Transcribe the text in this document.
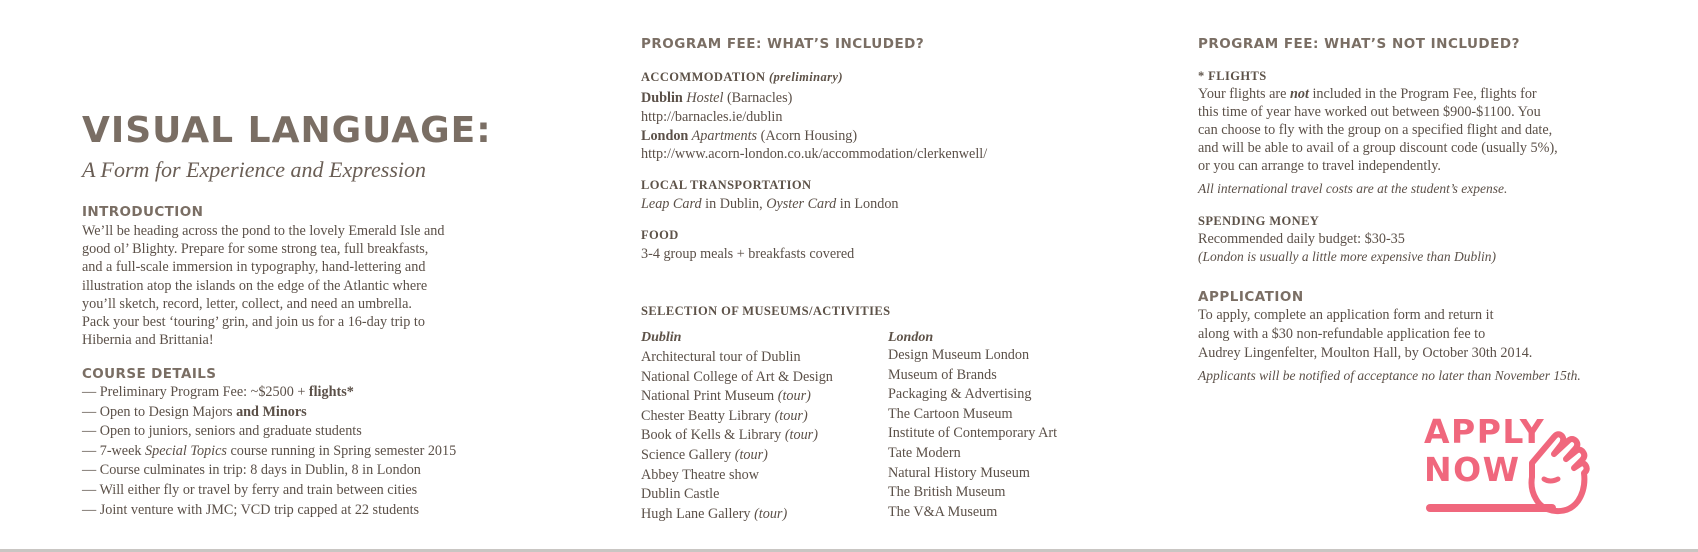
VISUAL LANGUAGE:
A Form for Experience and Expression
INTRODUCTION
We’ll be heading across the pond to the lovely Emerald Isle and
good ol’ Blighty. Prepare for some strong tea, full breakfasts,
and a full-scale immersion in typography, hand-lettering and
illustration atop the islands on the edge of the Atlantic where
you’ll sketch, record, letter, collect, and need an umbrella.
Pack your best ‘touring’ grin, and join us for a 16-day trip to
Hibernia and Brittania!
COURSE DETAILS
— Preliminary Program Fee: ~$2500 + flights*
— Open to Design Majors and Minors
— Open to juniors, seniors and graduate students
— 7-week Special Topics course running in Spring semester 2015
— Course culminates in trip: 8 days in Dublin, 8 in London
— Will either fly or travel by ferry and train between cities
— Joint venture with JMC; VCD trip capped at 22 students
PROGRAM FEE: WHAT’S INCLUDED?
ACCOMMODATION (preliminary)
Dublin Hostel (Barnacles)
http://barnacles.ie/dublin
London Apartments (Acorn Housing)
http://www.acorn-london.co.uk/accommodation/clerkenwell/
LOCAL TRANSPORTATION
Leap Card in Dublin, Oyster Card in London
FOOD
3-4 group meals + breakfasts covered
SELECTION OF MUSEUMS/ACTIVITIES
Dublin
Architectural tour of Dublin
National College of Art & Design
National Print Museum (tour)
Chester Beatty Library (tour)
Book of Kells & Library (tour)
Science Gallery (tour)
Abbey Theatre show
Dublin Castle
Hugh Lane Gallery (tour)
London
Design Museum London
Museum of Brands
Packaging & Advertising
The Cartoon Museum
Institute of Contemporary Art
Tate Modern
Natural History Museum
The British Museum
The V&A Museum
PROGRAM FEE: WHAT’S NOT INCLUDED?
* FLIGHTS
Your flights are not included in the Program Fee, flights for
this time of year have worked out between $900-$1100. You
can choose to fly with the group on a specified flight and date,
and will be able to avail of a group discount code (usually 5%),
or you can arrange to travel independently.
All international travel costs are at the student’s expense.
SPENDING MONEY
Recommended daily budget: $30-35
(London is usually a little more expensive than Dublin)
APPLICATION
To apply, complete an application form and return it
along with a $30 non-refundable application fee to
Audrey Lingenfelter, Moulton Hall, by October 30th 2014.
Applicants will be notified of acceptance no later than November 15th.
APPLY
NOW
